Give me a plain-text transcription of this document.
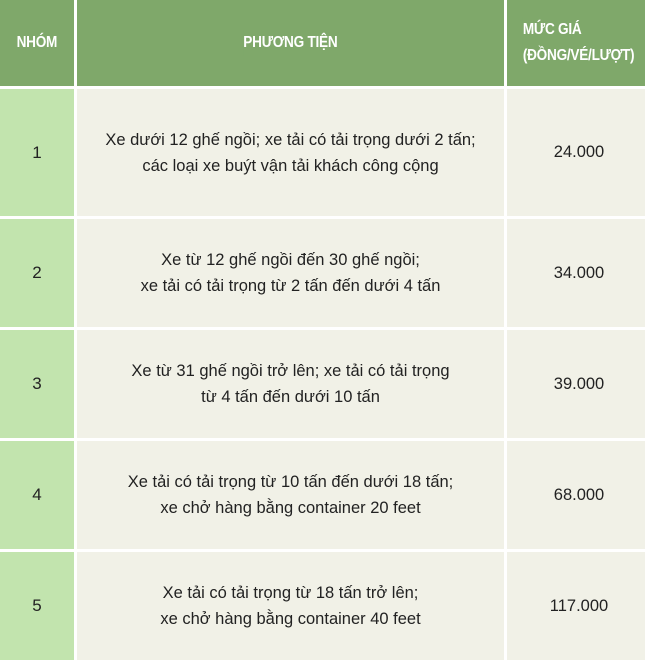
NHÓM	PHƯƠNG TIỆN
MỨC GIÁ
(ĐỒNG/VÉ/LƯỢT)
1
Xe dưới 12 ghế ngồi; xe tải có tải trọng dưới 2 tấn;
các loại xe buýt vận tải khách công cộng
24.000
2
Xe từ 12 ghế ngồi đến 30 ghế ngồi;
xe tải có tải trọng từ 2 tấn đến dưới 4 tấn
34.000
3
Xe từ 31 ghế ngồi trở lên; xe tải có tải trọng
từ 4 tấn đến dưới 10 tấn
39.000
4
Xe tải có tải trọng từ 10 tấn đến dưới 18 tấn;
xe chở hàng bằng container 20 feet
68.000
5
Xe tải có tải trọng từ 18 tấn trở lên;
xe chở hàng bằng container 40 feet
117.000
